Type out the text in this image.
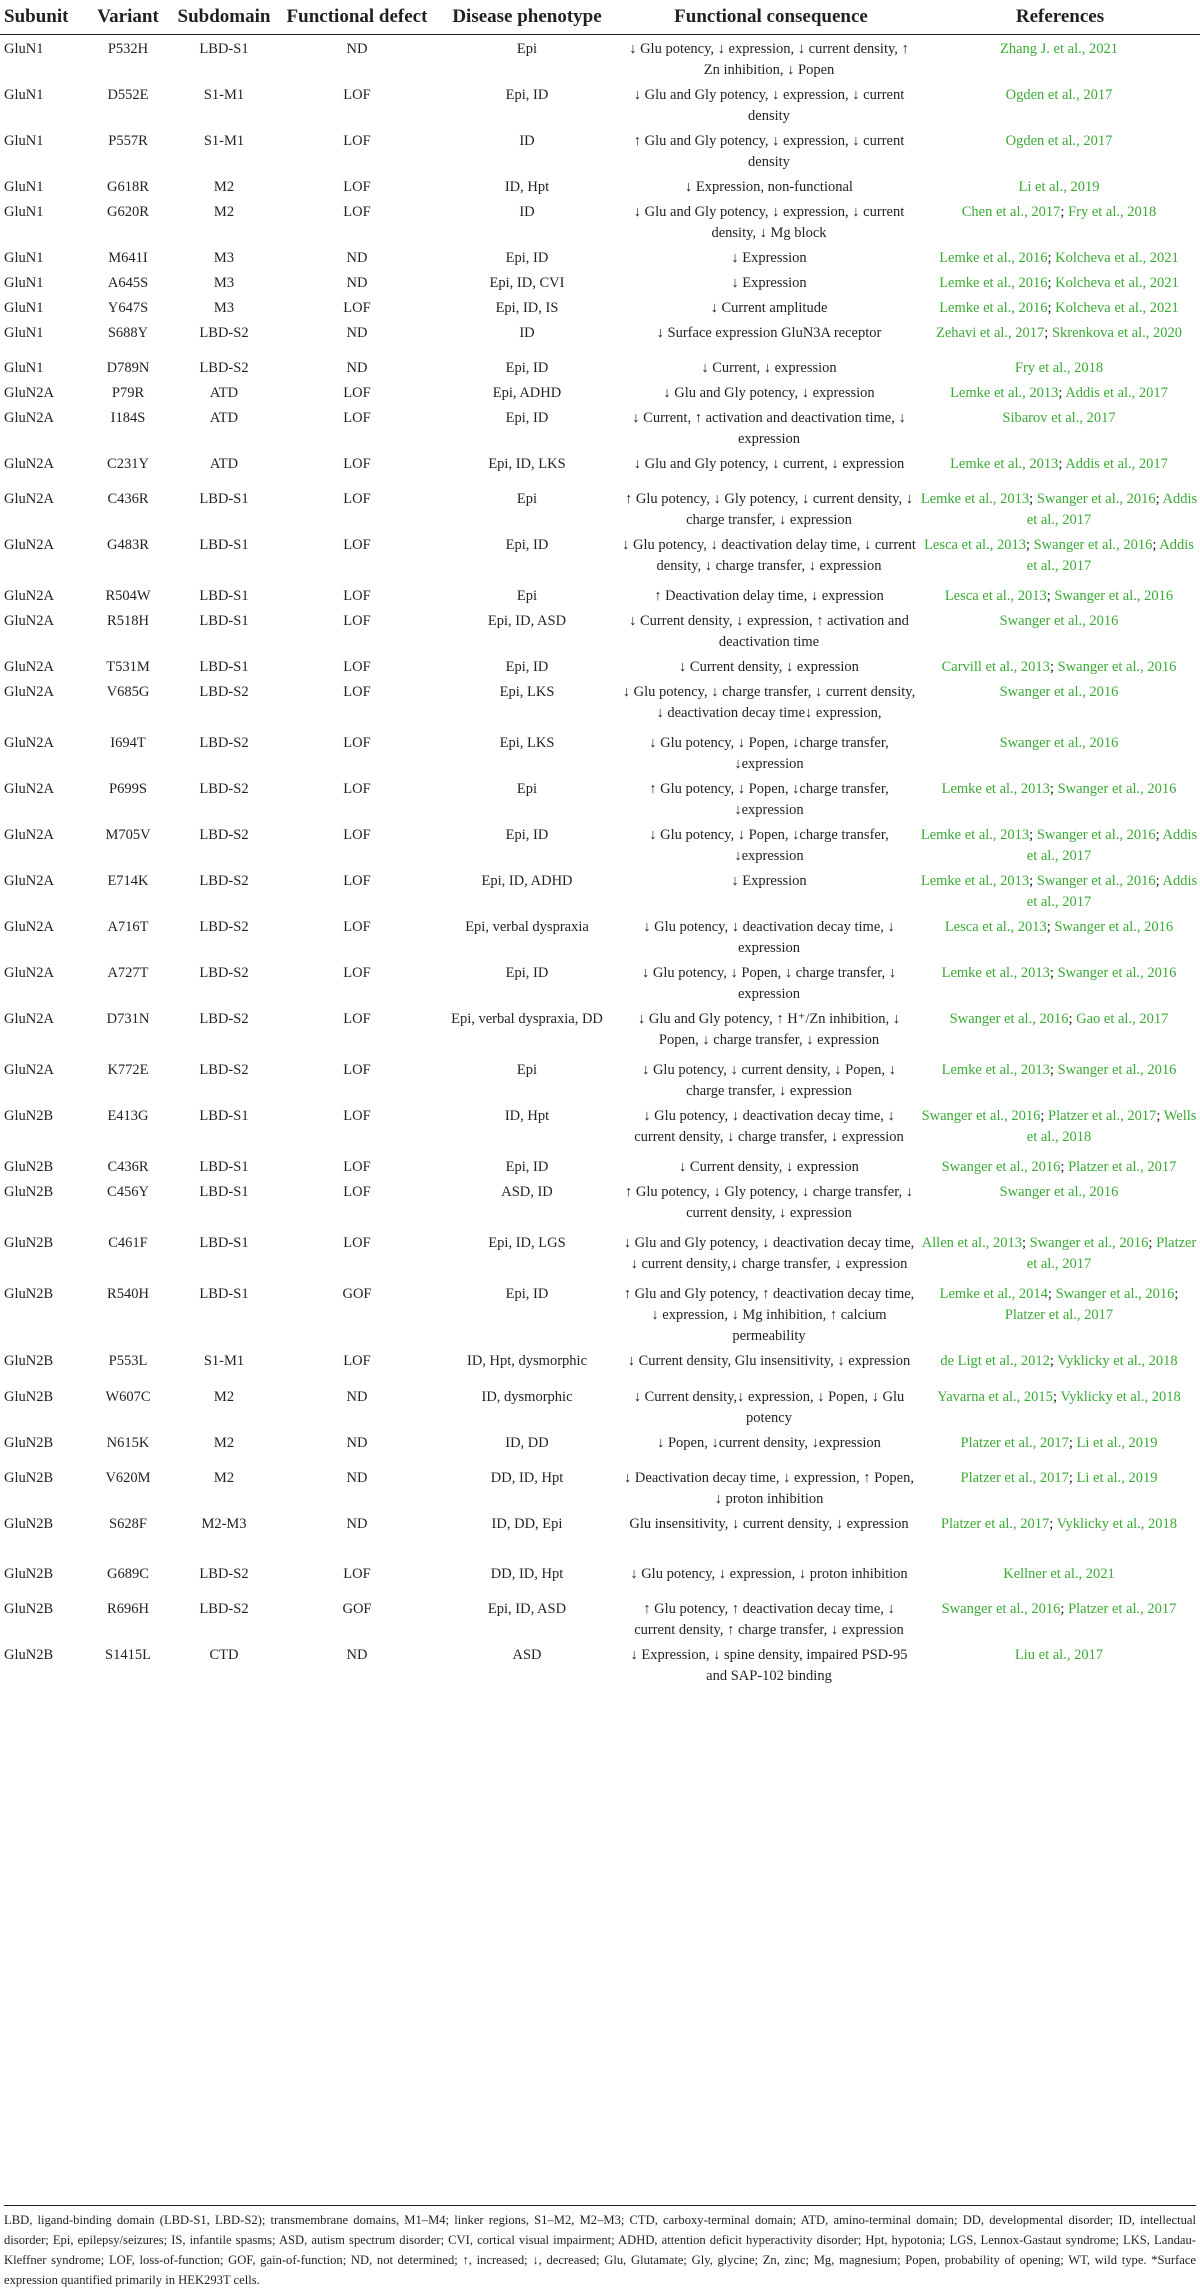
Subunit	Variant	Subdomain	Functional defect	Disease phenotype	Functional consequence	References
GluN1	P532H	LBD-S1	ND	Epi	↓ Glu potency, ↓ expression, ↓ current density, ↑ Zn inhibition, ↓ Popen	Zhang J. et al., 2021
GluN1	D552E	S1-M1	LOF	Epi, ID	↓ Glu and Gly potency, ↓ expression, ↓ current density	Ogden et al., 2017
GluN1	P557R	S1-M1	LOF	ID	↑ Glu and Gly potency, ↓ expression, ↓ current density	Ogden et al., 2017
GluN1	G618R	M2	LOF	ID, Hpt	↓ Expression, non-functional	Li et al., 2019
GluN1	G620R	M2	LOF	ID	↓ Glu and Gly potency, ↓ expression, ↓ current density, ↓ Mg block	Chen et al., 2017; Fry et al., 2018
GluN1	M641I	M3	ND	Epi, ID	↓ Expression	Lemke et al., 2016; Kolcheva et al., 2021
GluN1	A645S	M3	ND	Epi, ID, CVI	↓ Expression	Lemke et al., 2016; Kolcheva et al., 2021
GluN1	Y647S	M3	LOF	Epi, ID, IS	↓ Current amplitude	Lemke et al., 2016; Kolcheva et al., 2021
GluN1	S688Y	LBD-S2	ND	ID	↓ Surface expression GluN3A receptor	Zehavi et al., 2017; Skrenkova et al., 2020
GluN1	D789N	LBD-S2	ND	Epi, ID	↓ Current, ↓ expression	Fry et al., 2018
GluN2A	P79R	ATD	LOF	Epi, ADHD	↓ Glu and Gly potency, ↓ expression	Lemke et al., 2013; Addis et al., 2017
GluN2A	I184S	ATD	LOF	Epi, ID	↓ Current, ↑ activation and deactivation time, ↓ expression	Sibarov et al., 2017
GluN2A	C231Y	ATD	LOF	Epi, ID, LKS	↓ Glu and Gly potency, ↓ current, ↓ expression	Lemke et al., 2013; Addis et al., 2017
GluN2A	C436R	LBD-S1	LOF	Epi	↑ Glu potency, ↓ Gly potency, ↓ current density, ↓ charge transfer, ↓ expression	Lemke et al., 2013; Swanger et al., 2016; Addis et al., 2017
GluN2A	G483R	LBD-S1	LOF	Epi, ID	↓ Glu potency, ↓ deactivation delay time, ↓ current density, ↓ charge transfer, ↓ expression	Lesca et al., 2013; Swanger et al., 2016; Addis et al., 2017
GluN2A	R504W	LBD-S1	LOF	Epi	↑ Deactivation delay time, ↓ expression	Lesca et al., 2013; Swanger et al., 2016
GluN2A	R518H	LBD-S1	LOF	Epi, ID, ASD	↓ Current density, ↓ expression, ↑ activation and deactivation time	Swanger et al., 2016
GluN2A	T531M	LBD-S1	LOF	Epi, ID	↓ Current density, ↓ expression	Carvill et al., 2013; Swanger et al., 2016
GluN2A	V685G	LBD-S2	LOF	Epi, LKS	↓ Glu potency, ↓ charge transfer, ↓ current density, ↓ deactivation decay time↓ expression,	Swanger et al., 2016
GluN2A	I694T	LBD-S2	LOF	Epi, LKS	↓ Glu potency, ↓ Popen, ↓charge transfer, ↓expression	Swanger et al., 2016
GluN2A	P699S	LBD-S2	LOF	Epi	↑ Glu potency, ↓ Popen, ↓charge transfer, ↓expression	Lemke et al., 2013; Swanger et al., 2016
GluN2A	M705V	LBD-S2	LOF	Epi, ID	↓ Glu potency, ↓ Popen, ↓charge transfer, ↓expression	Lemke et al., 2013; Swanger et al., 2016; Addis et al., 2017
GluN2A	E714K	LBD-S2	LOF	Epi, ID, ADHD	↓ Expression	Lemke et al., 2013; Swanger et al., 2016; Addis et al., 2017
GluN2A	A716T	LBD-S2	LOF	Epi, verbal dyspraxia	↓ Glu potency, ↓ deactivation decay time, ↓ expression	Lesca et al., 2013; Swanger et al., 2016
GluN2A	A727T	LBD-S2	LOF	Epi, ID	↓ Glu potency, ↓ Popen, ↓ charge transfer, ↓ expression	Lemke et al., 2013; Swanger et al., 2016
GluN2A	D731N	LBD-S2	LOF	Epi, verbal dyspraxia, DD	↓ Glu and Gly potency, ↑ H⁺/Zn inhibition, ↓ Popen, ↓ charge transfer, ↓ expression	Swanger et al., 2016; Gao et al., 2017
GluN2A	K772E	LBD-S2	LOF	Epi	↓ Glu potency, ↓ current density, ↓ Popen, ↓ charge transfer, ↓ expression	Lemke et al., 2013; Swanger et al., 2016
GluN2B	E413G	LBD-S1	LOF	ID, Hpt	↓ Glu potency, ↓ deactivation decay time, ↓ current density, ↓ charge transfer, ↓ expression	Swanger et al., 2016; Platzer et al., 2017; Wells et al., 2018
GluN2B	C436R	LBD-S1	LOF	Epi, ID	↓ Current density, ↓ expression	Swanger et al., 2016; Platzer et al., 2017
GluN2B	C456Y	LBD-S1	LOF	ASD, ID	↑ Glu potency, ↓ Gly potency, ↓ charge transfer, ↓ current density, ↓ expression	Swanger et al., 2016
GluN2B	C461F	LBD-S1	LOF	Epi, ID, LGS	↓ Glu and Gly potency, ↓ deactivation decay time, ↓ current density,↓ charge transfer, ↓ expression	Allen et al., 2013; Swanger et al., 2016; Platzer et al., 2017
GluN2B	R540H	LBD-S1	GOF	Epi, ID	↑ Glu and Gly potency, ↑ deactivation decay time, ↓ expression, ↓ Mg inhibition, ↑ calcium permeability	Lemke et al., 2014; Swanger et al., 2016; Platzer et al., 2017
GluN2B	P553L	S1-M1	LOF	ID, Hpt, dysmorphic	↓ Current density, Glu insensitivity, ↓ expression	de Ligt et al., 2012; Vyklicky et al., 2018
GluN2B	W607C	M2	ND	ID, dysmorphic	↓ Current density,↓ expression, ↓ Popen, ↓ Glu potency	Yavarna et al., 2015; Vyklicky et al., 2018
GluN2B	N615K	M2	ND	ID, DD	↓ Popen, ↓current density, ↓expression	Platzer et al., 2017; Li et al., 2019
GluN2B	V620M	M2	ND	DD, ID, Hpt	↓ Deactivation decay time, ↓ expression, ↑ Popen, ↓ proton inhibition	Platzer et al., 2017; Li et al., 2019
GluN2B	S628F	M2-M3	ND	ID, DD, Epi	Glu insensitivity, ↓ current density, ↓ expression	Platzer et al., 2017; Vyklicky et al., 2018
GluN2B	G689C	LBD-S2	LOF	DD, ID, Hpt	↓ Glu potency, ↓ expression, ↓ proton inhibition	Kellner et al., 2021
GluN2B	R696H	LBD-S2	GOF	Epi, ID, ASD	↑ Glu potency, ↑ deactivation decay time, ↓ current density, ↑ charge transfer, ↓ expression	Swanger et al., 2016; Platzer et al., 2017
GluN2B	S1415L	CTD	ND	ASD	↓ Expression, ↓ spine density, impaired PSD-95 and SAP-102 binding	Liu et al., 2017
LBD, ligand-binding domain (LBD-S1, LBD-S2); transmembrane domains, M1–M4; linker regions, S1–M2, M2–M3; CTD, carboxy-terminal domain; ATD, amino-terminal domain; DD, developmental disorder; ID, intellectual disorder; Epi, epilepsy/seizures; IS, infantile spasms; ASD, autism spectrum disorder; CVI, cortical visual impairment; ADHD, attention deficit hyperactivity disorder; Hpt, hypotonia; LGS, Lennox-Gastaut syndrome; LKS, Landau-Kleffner syndrome; LOF, loss-of-function; GOF, gain-of-function; ND, not determined; ↑, increased; ↓, decreased; Glu, Glutamate; Gly, glycine; Zn, zinc; Mg, magnesium; Popen, probability of opening; WT, wild type. *Surface expression quantified primarily in HEK293T cells.
